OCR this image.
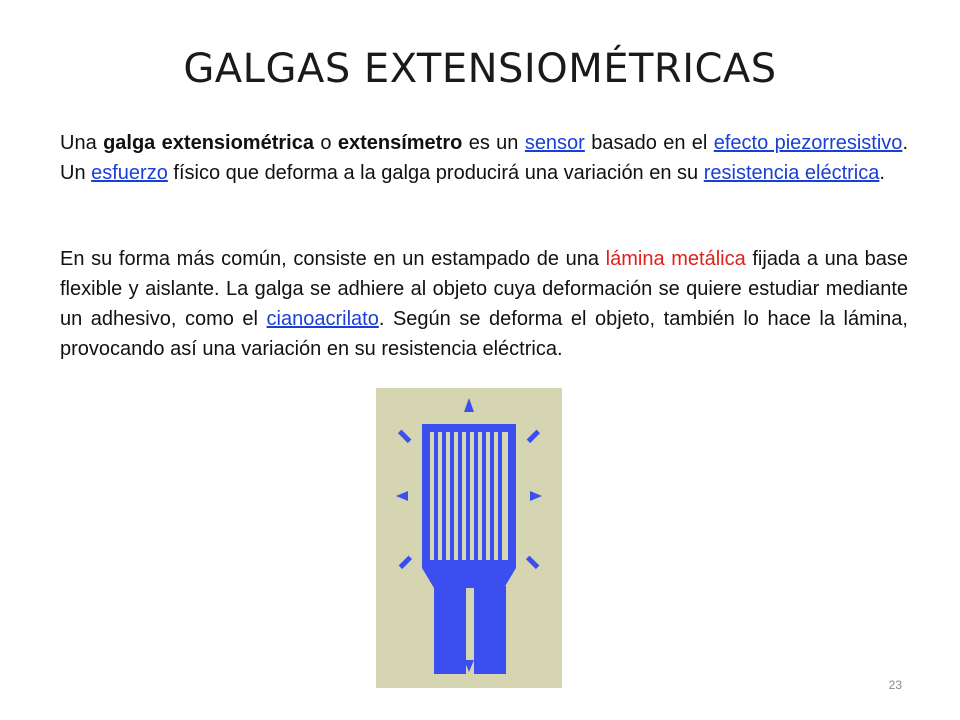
GALGAS EXTENSIOMÉTRICAS

Una galga extensiométrica o extensímetro es un sensor basado en el efecto piezorresistivo. Un esfuerzo físico que deforma a la galga producirá una variación en su resistencia eléctrica.

En su forma más común, consiste en un estampado de una lámina metálica fijada a una base flexible y aislante. La galga se adhiere al objeto cuya deformación se quiere estudiar mediante un adhesivo, como el cianoacrilato. Según se deforma el objeto, también lo hace la lámina, provocando así una variación en su resistencia eléctrica.

23
